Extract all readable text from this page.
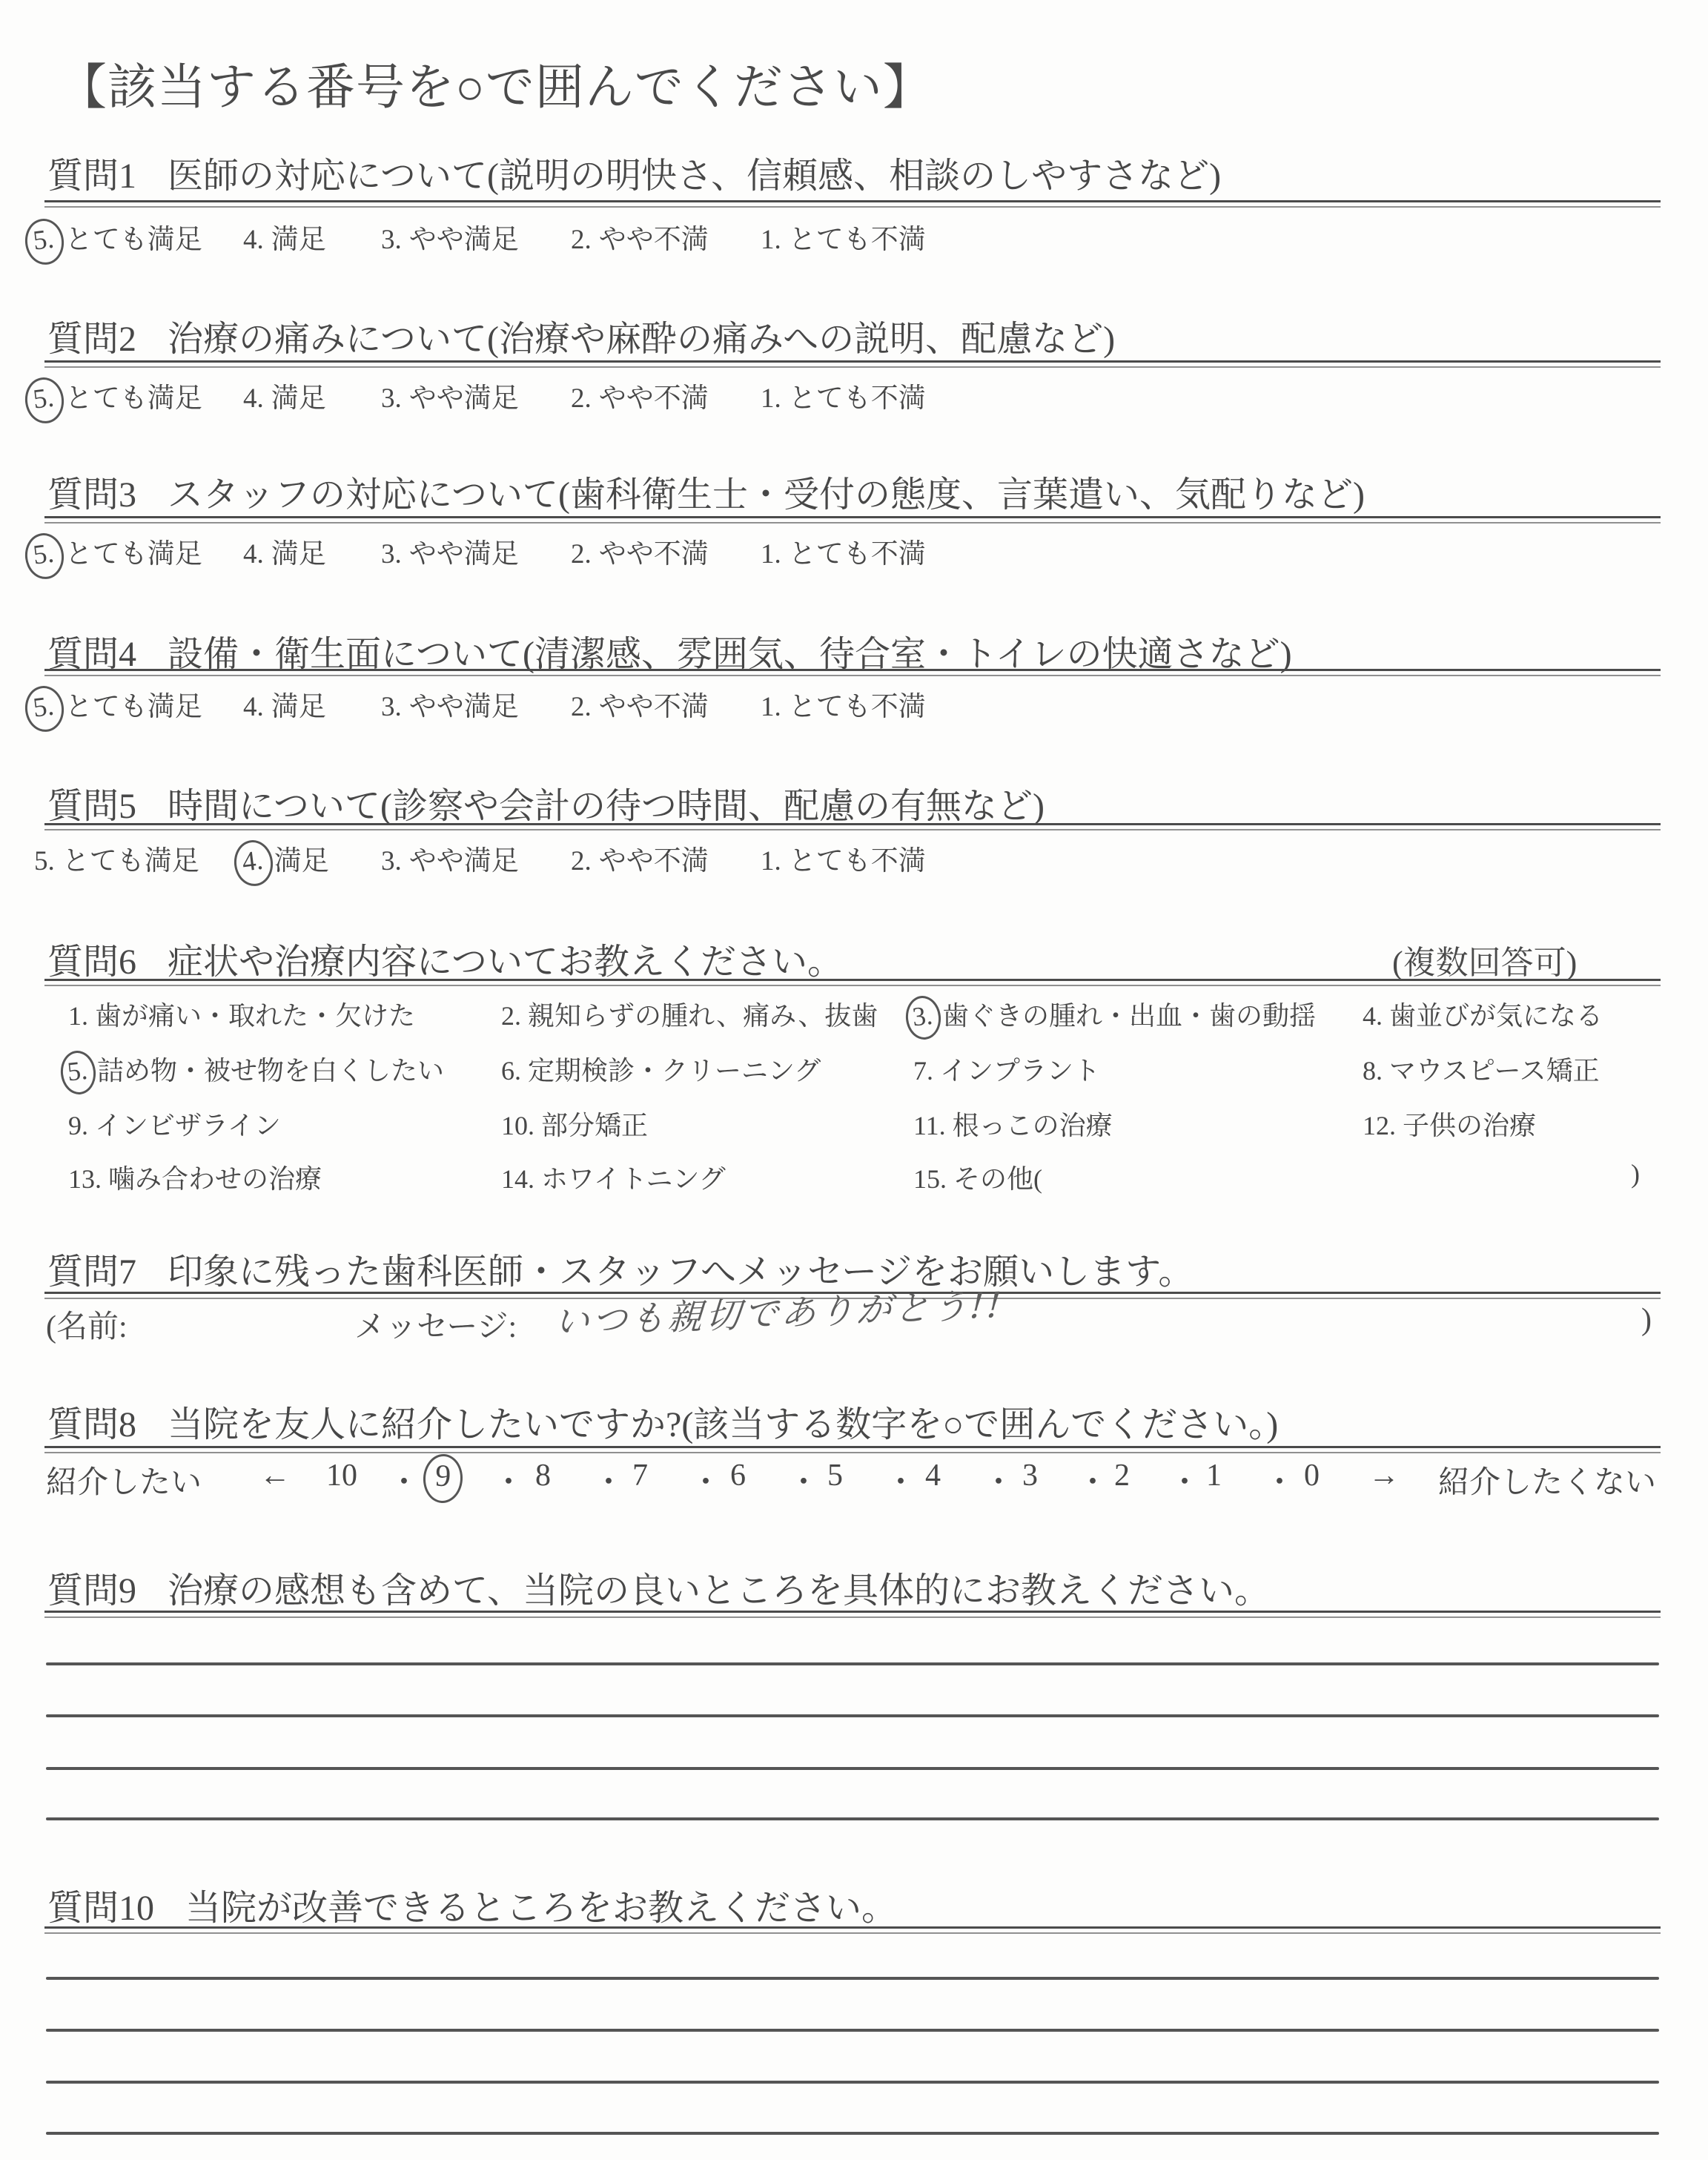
【該当する番号を○で囲んでください】
質問1 医師の対応について(説明の明快さ、信頼感、相談のしやすさなど)
5. とても満足 4. 満足 3. やや満足 2. やや不満 1. とても不満
質問2 治療の痛みについて(治療や麻酔の痛みへの説明、配慮など)
5. とても満足 4. 満足 3. やや満足 2. やや不満 1. とても不満
質問3 スタッフの対応について(歯科衛生士・受付の態度、言葉遣い、気配りなど)
5. とても満足 4. 満足 3. やや満足 2. やや不満 1. とても不満
質問4 設備・衛生面について(清潔感、雰囲気、待合室・トイレの快適さなど)
5. とても満足 4. 満足 3. やや満足 2. やや不満 1. とても不満
質問5 時間について(診察や会計の待つ時間、配慮の有無など)
5. とても満足 4. 満足 3. やや満足 2. やや不満 1. とても不満
質問6 症状や治療内容についてお教えください。	(複数回答可)
1. 歯が痛い・取れた・欠けた	2. 親知らずの腫れ、痛み、抜歯 3. 歯ぐきの腫れ・出血・歯の動揺 4. 歯並びが気になる
5. 詰め物・被せ物を白くしたい 6. 定期検診・クリーニング	7. インプラント	8. マウスピース矯正
9. インビザライン	10. 部分矯正	11. 根っこの治療	12. 子供の治療
13. 噛み合わせの治療	14. ホワイトニング	15. その他(	)
質問7 印象に残った歯科医師・スタッフへメッセージをお願いします。
(名前:	メッセージ: いつも親切でありがとう!!	)
質問8 当院を友人に紹介したいですか?(該当する数字を○で囲んでください。)
紹介したい ← 10 ・ 9 ・ 8 ・ 7 ・ 6 ・ 5 ・ 4 ・ 3 ・ 2 ・ 1 ・ 0 → 紹介したくない
質問9 治療の感想も含めて、当院の良いところを具体的にお教えください。
質問10 当院が改善できるところをお教えください。
